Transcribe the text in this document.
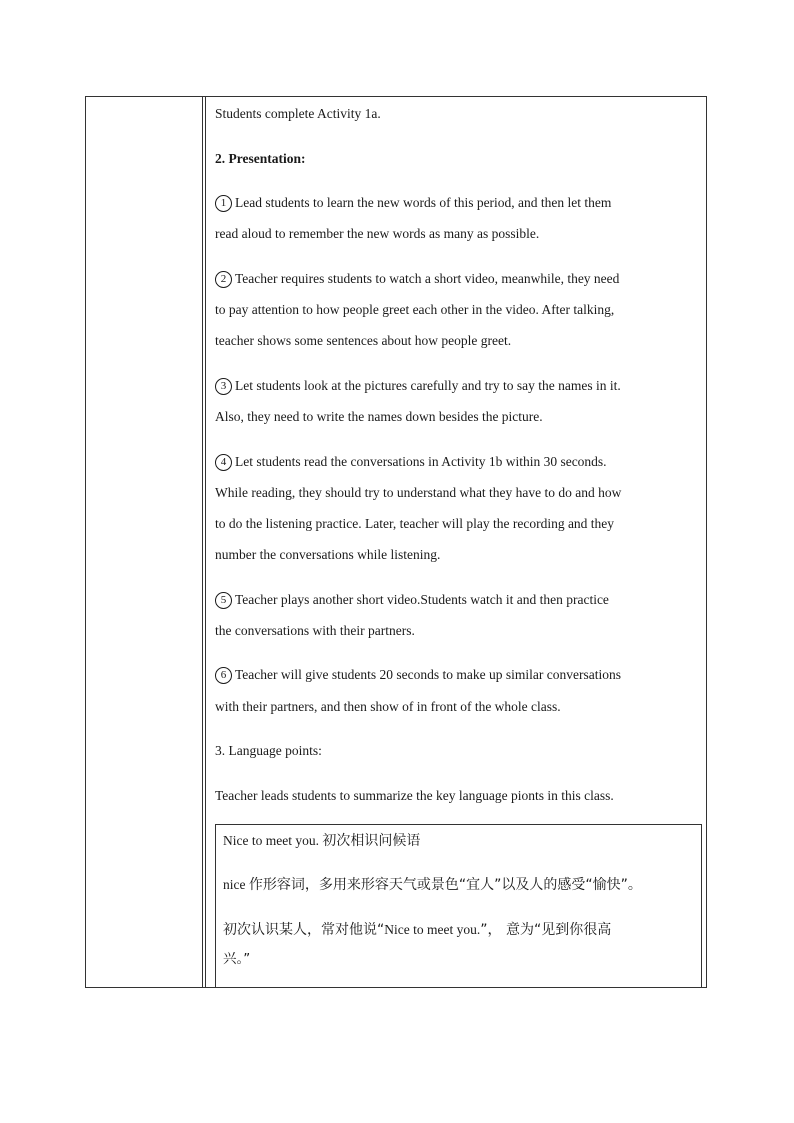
Students complete Activity 1a.

2. Presentation:

1 Lead students to learn the new words of this period, and then let them

read aloud to remember the new words as many as possible.

2 Teacher requires students to watch a short video, meanwhile, they need

to pay attention to how people greet each other in the video. After talking,

teacher shows some sentences about how people greet.

3 Let students look at the pictures carefully and try to say the names in it.

Also, they need to write the names down besides the picture.

4 Let students read the conversations in Activity 1b within 30 seconds.

While reading, they should try to understand what they have to do and how

to do the listening practice. Later, teacher will play the recording and they

number the conversations while listening.

5 Teacher plays another short video.Students watch it and then practice

the conversations with their partners.

6 Teacher will give students 20 seconds to make up similar conversations

with their partners, and then show of in front of the whole class.

3. Language points:

Teacher leads students to summarize the key language pionts in this class.

Nice to meet you. 初次相识问候语

nice 作形容词，多用来形容天气或景色“宜人”以及人的感受“愉快”。

初次认识某人，常对他说“Nice to meet you.”， 意为“见到你很高

兴。”
